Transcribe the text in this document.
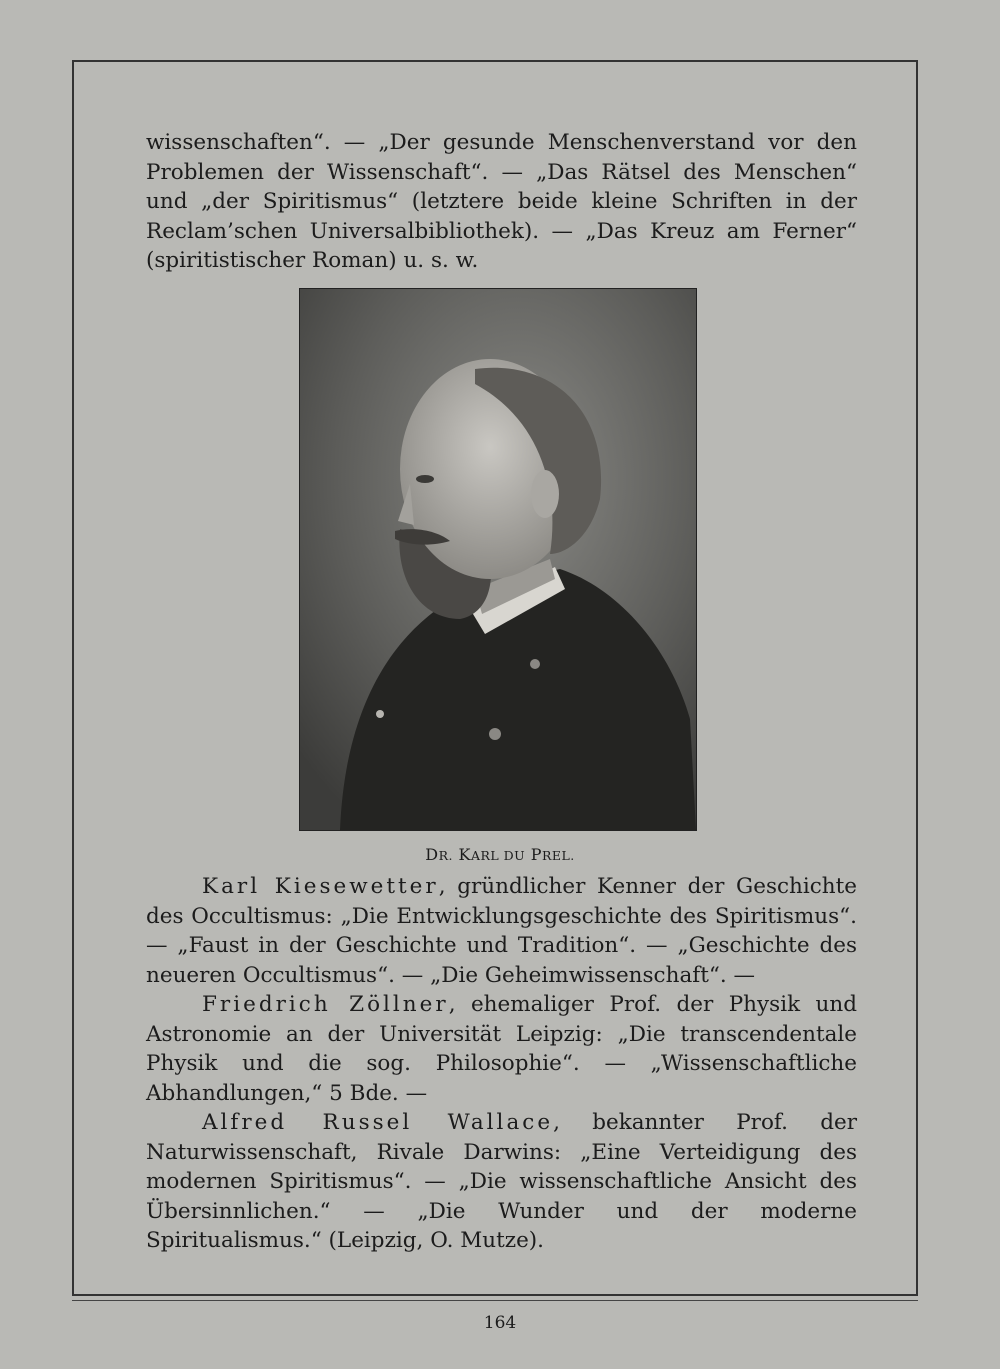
wissenschaften“. — „Der gesunde Menschenverstand vor den Problemen der Wissenschaft“. — „Das Rätsel des Menschen“ und „der Spiritismus“ (letztere beide kleine Schriften in der Reclam’schen Universalbibliothek). — „Das Kreuz am Ferner“ (spiritistischer Roman) u. s. w.

DR. KARL DU PREL.

Karl Kiesewetter, gründlicher Kenner der Geschichte des Occultismus: „Die Entwicklungsgeschichte des Spiritismus“. — „Faust in der Geschichte und Tradition“. — „Geschichte des neueren Occultismus“. — „Die Geheimwissenschaft“. —

Friedrich Zöllner, ehemaliger Prof. der Physik und Astronomie an der Universität Leipzig: „Die transcendentale Physik und die sog. Philosophie“. — „Wissenschaftliche Abhandlungen,“ 5 Bde. —

Alfred Russel Wallace, bekannter Prof. der Naturwissenschaft, Rivale Darwins: „Eine Verteidigung des modernen Spiritismus“. — „Die wissenschaftliche Ansicht des Übersinnlichen.“ — „Die Wunder und der moderne Spiritualismus.“ (Leipzig, O. Mutze).

164
